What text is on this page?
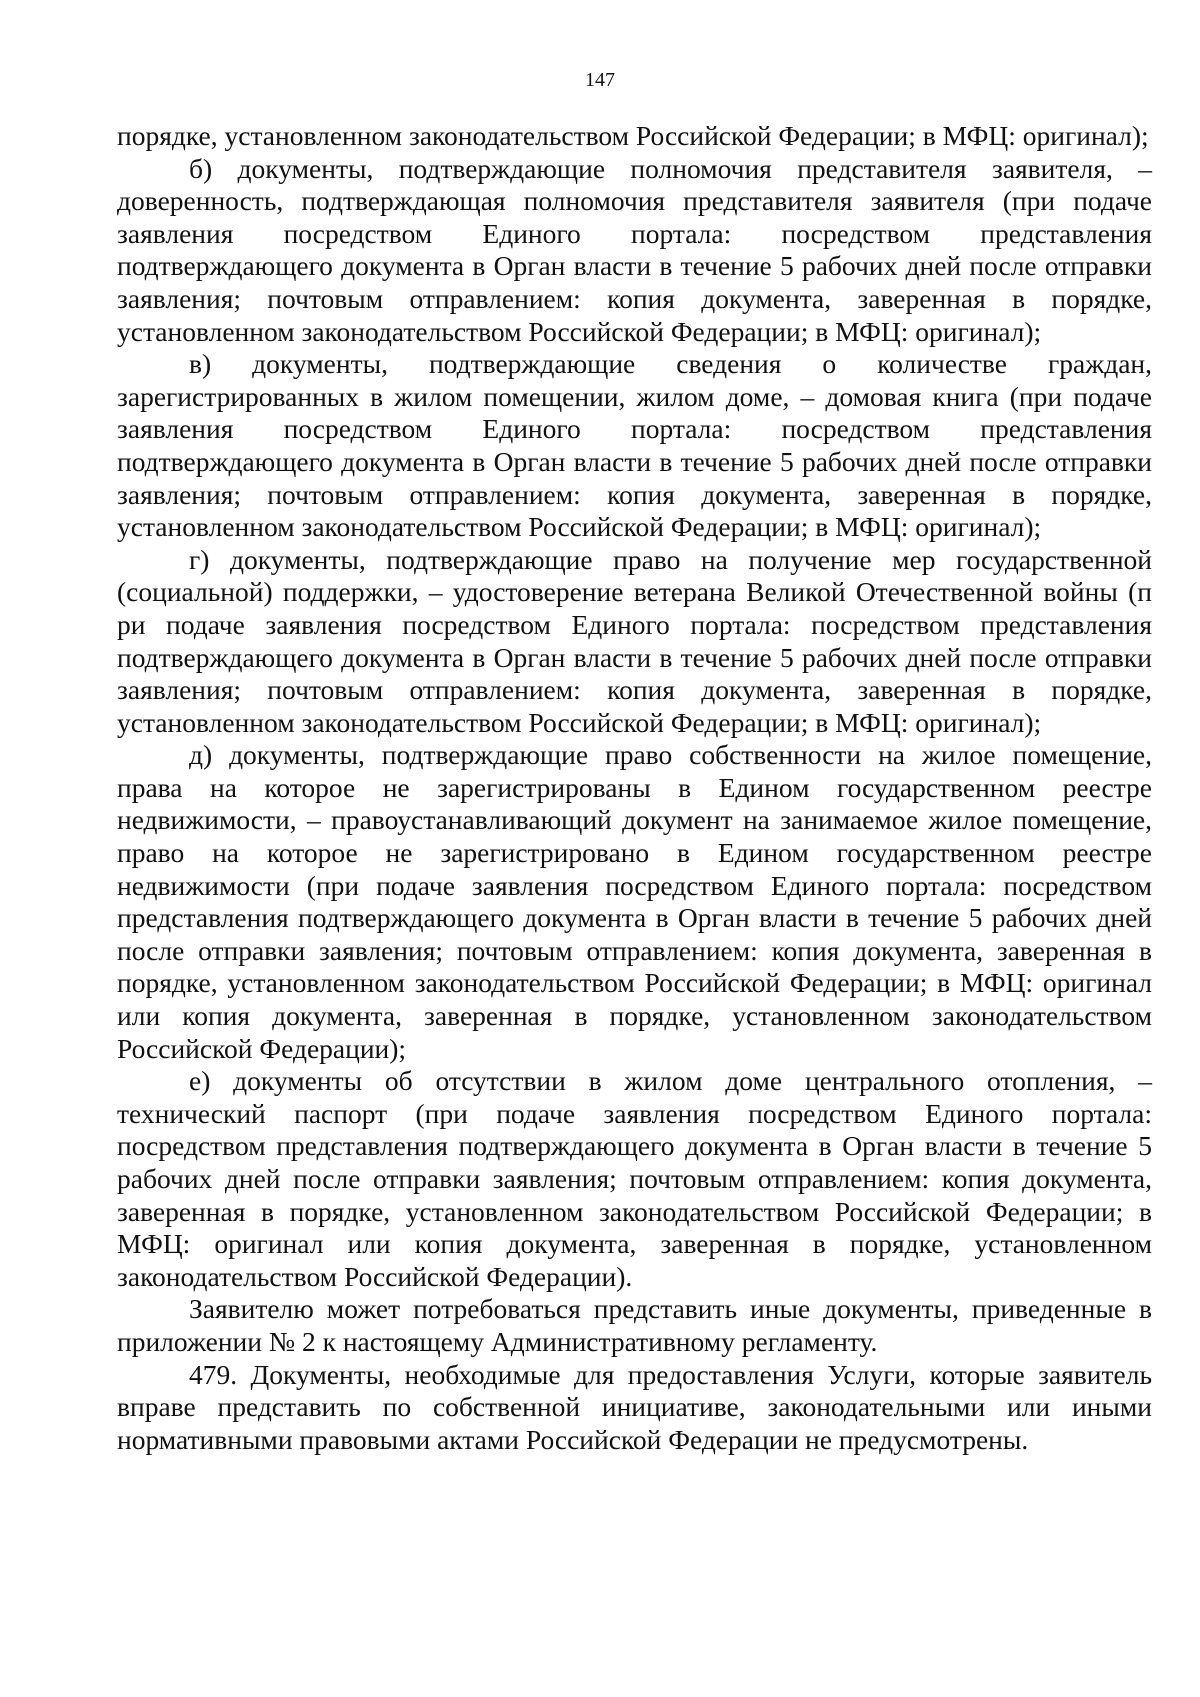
147

порядке, установленном законодательством Российской Федерации; в МФЦ: оригинал);

б) документы, подтверждающие полномочия представителя заявителя, – доверенность, подтверждающая полномочия представителя заявителя (при подаче заявления посредством Единого портала: посредством представления подтверждающего документа в Орган власти в течение 5 рабочих дней после отправки заявления; почтовым отправлением: копия документа, заверенная в порядке, установленном законодательством Российской Федерации; в МФЦ: оригинал);

в) документы, подтверждающие сведения о количестве граждан, зарегистрированных в жилом помещении, жилом доме, – домовая книга (при подаче заявления посредством Единого портала: посредством представления подтверждающего документа в Орган власти в течение 5 рабочих дней после отправки заявления; почтовым отправлением: копия документа, заверенная в порядке, установленном законодательством Российской Федерации; в МФЦ: оригинал);

г) документы, подтверждающие право на получение мер государственной (социальной) поддержки, – удостоверение ветерана Великой Отечественной войны (п ри подаче заявления посредством Единого портала: посредством представления подтверждающего документа в Орган власти в течение 5 рабочих дней после отправки заявления; почтовым отправлением: копия документа, заверенная в порядке, установленном законодательством Российской Федерации; в МФЦ: оригинал);

д) документы, подтверждающие право собственности на жилое помещение, права на которое не зарегистрированы в Едином государственном реестре недвижимости, – правоустанавливающий документ на занимаемое жилое помещение, право на которое не зарегистрировано в Едином государственном реестре недвижимости (при подаче заявления посредством Единого портала: посредством представления подтверждающего документа в Орган власти в течение 5 рабочих дней после отправки заявления; почтовым отправлением: копия документа, заверенная в порядке, установленном законодательством Российской Федерации; в МФЦ: оригинал или копия документа, заверенная в порядке, установленном законодательством Российской Федерации);

е) документы об отсутствии в жилом доме центрального отопления, – технический паспорт (при подаче заявления посредством Единого портала: посредством представления подтверждающего документа в Орган власти в течение 5 рабочих дней после отправки заявления; почтовым отправлением: копия документа, заверенная в порядке, установленном законодательством Российской Федерации; в МФЦ: оригинал или копия документа, заверенная в порядке, установленном законодательством Российской Федерации).

Заявителю может потребоваться представить иные документы, приведенные в приложении № 2 к настоящему Административному регламенту.

479. Документы, необходимые для предоставления Услуги, которые заявитель вправе представить по собственной инициативе, законодательными или иными нормативными правовыми актами Российской Федерации не предусмотрены.
